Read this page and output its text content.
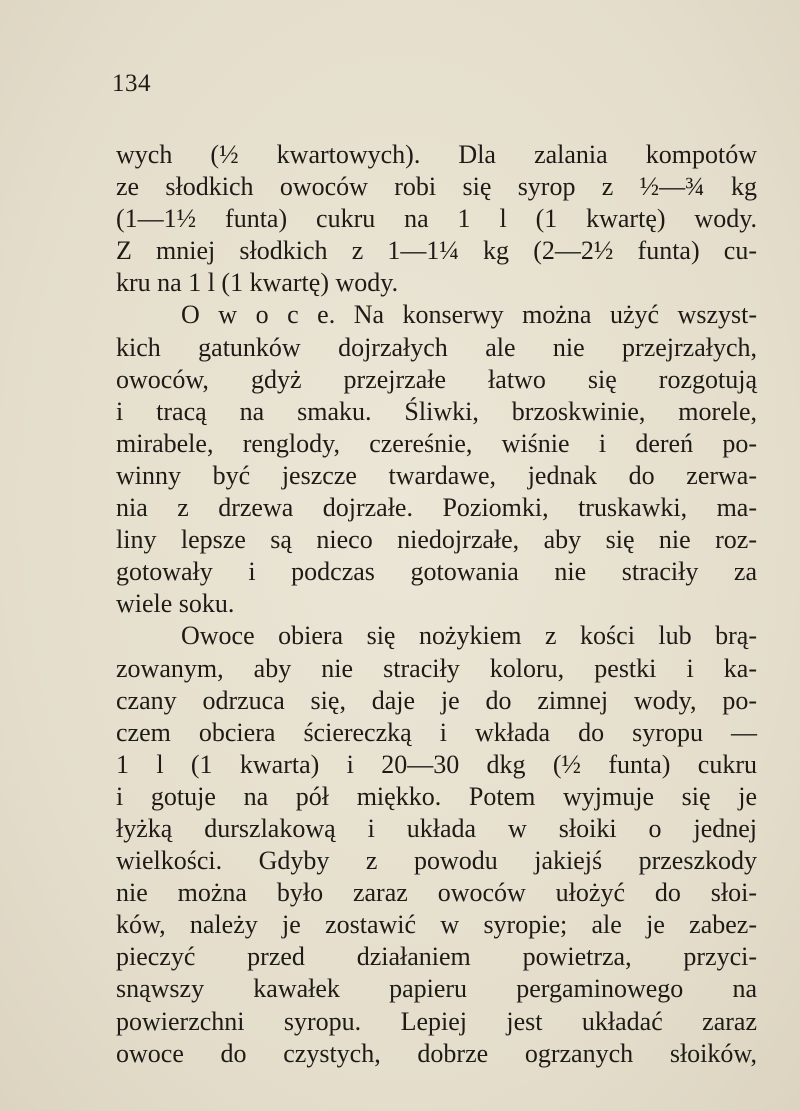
134
wych (½ kwartowych). Dla zalania kompotów
ze słodkich owoców robi się syrop z ½—¾ kg
(1—1½ funta) cukru na 1 l (1 kwartę) wody.
Z mniej słodkich z 1—1¼ kg (2—2½ funta) cu-
kru na 1 l (1 kwartę) wody.
O w o c e. Na konserwy można użyć wszyst-
kich gatunków dojrzałych ale nie przejrzałych,
owoców, gdyż przejrzałe łatwo się rozgotują
i tracą na smaku. Śliwki, brzoskwinie, morele,
mirabele, renglody, czereśnie, wiśnie i dereń po-
winny być jeszcze twardawe, jednak do zerwa-
nia z drzewa dojrzałe. Poziomki, truskawki, ma-
liny lepsze są nieco niedojrzałe, aby się nie roz-
gotowały i podczas gotowania nie straciły za
wiele soku.
Owoce obiera się nożykiem z kości lub brą-
zowanym, aby nie straciły koloru, pestki i ka-
czany odrzuca się, daje je do zimnej wody, po-
czem obciera ściereczką i wkłada do syropu —
1 l (1 kwarta) i 20—30 dkg (½ funta) cukru
i gotuje na pół miękko. Potem wyjmuje się je
łyżką durszlakową i układa w słoiki o jednej
wielkości. Gdyby z powodu jakiejś przeszkody
nie można było zaraz owoców ułożyć do słoi-
ków, należy je zostawić w syropie; ale je zabez-
pieczyć przed działaniem powietrza, przyci-
snąwszy kawałek papieru pergaminowego na
powierzchni syropu. Lepiej jest układać zaraz
owoce do czystych, dobrze ogrzanych słoików,
